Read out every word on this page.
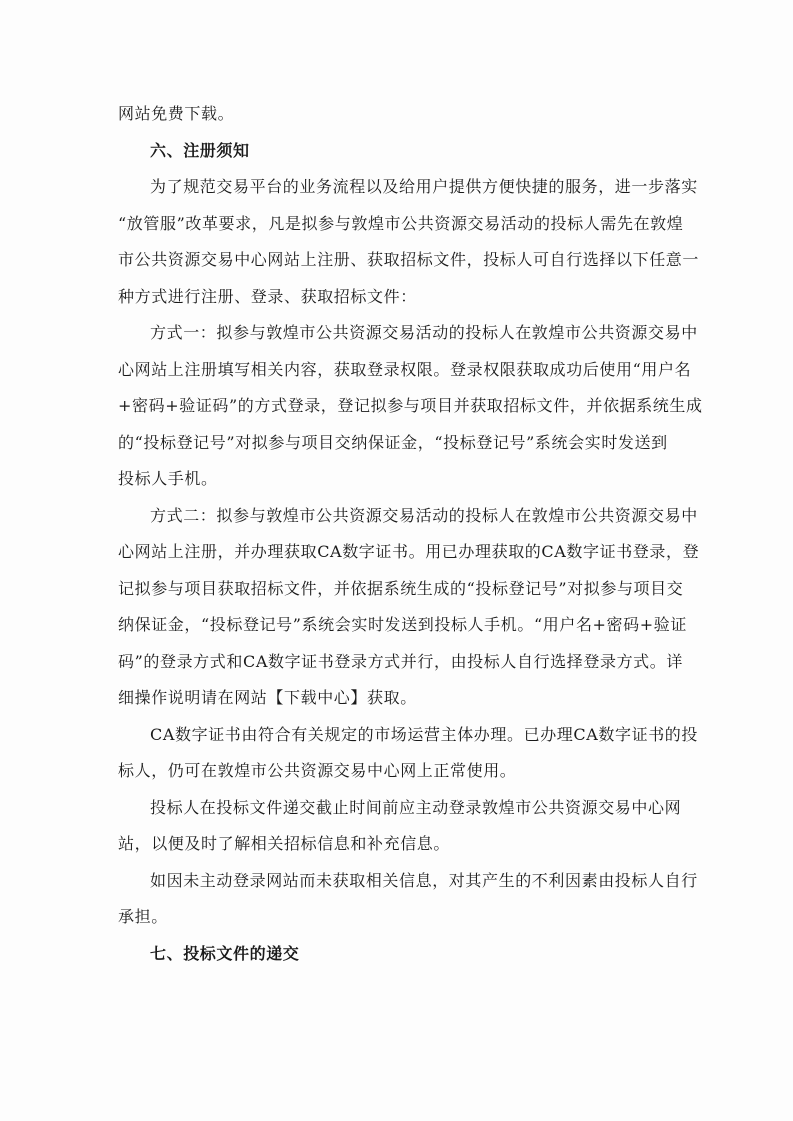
网站免费下载。
六、注册须知
为了规范交易平台的业务流程以及给用户提供方便快捷的服务，进一步落实
“放管服”改革要求，凡是拟参与敦煌市公共资源交易活动的投标人需先在敦煌
市公共资源交易中心网站上注册、获取招标文件，投标人可自行选择以下任意一
种方式进行注册、登录、获取招标文件：
方式一：拟参与敦煌市公共资源交易活动的投标人在敦煌市公共资源交易中
心网站上注册填写相关内容，获取登录权限。登录权限获取成功后使用“用户名
+密码+验证码”的方式登录，登记拟参与项目并获取招标文件，并依据系统生成
的“投标登记号”对拟参与项目交纳保证金，“投标登记号”系统会实时发送到
投标人手机。
方式二：拟参与敦煌市公共资源交易活动的投标人在敦煌市公共资源交易中
心网站上注册，并办理获取CA数字证书。用已办理获取的CA数字证书登录，登
记拟参与项目获取招标文件，并依据系统生成的“投标登记号”对拟参与项目交
纳保证金，“投标登记号”系统会实时发送到投标人手机。“用户名+密码+验证
码”的登录方式和CA数字证书登录方式并行，由投标人自行选择登录方式。详
细操作说明请在网站【下载中心】获取。
CA数字证书由符合有关规定的市场运营主体办理。已办理CA数字证书的投
标人，仍可在敦煌市公共资源交易中心网上正常使用。
投标人在投标文件递交截止时间前应主动登录敦煌市公共资源交易中心网
站，以便及时了解相关招标信息和补充信息。
如因未主动登录网站而未获取相关信息，对其产生的不利因素由投标人自行
承担。
七、投标文件的递交
